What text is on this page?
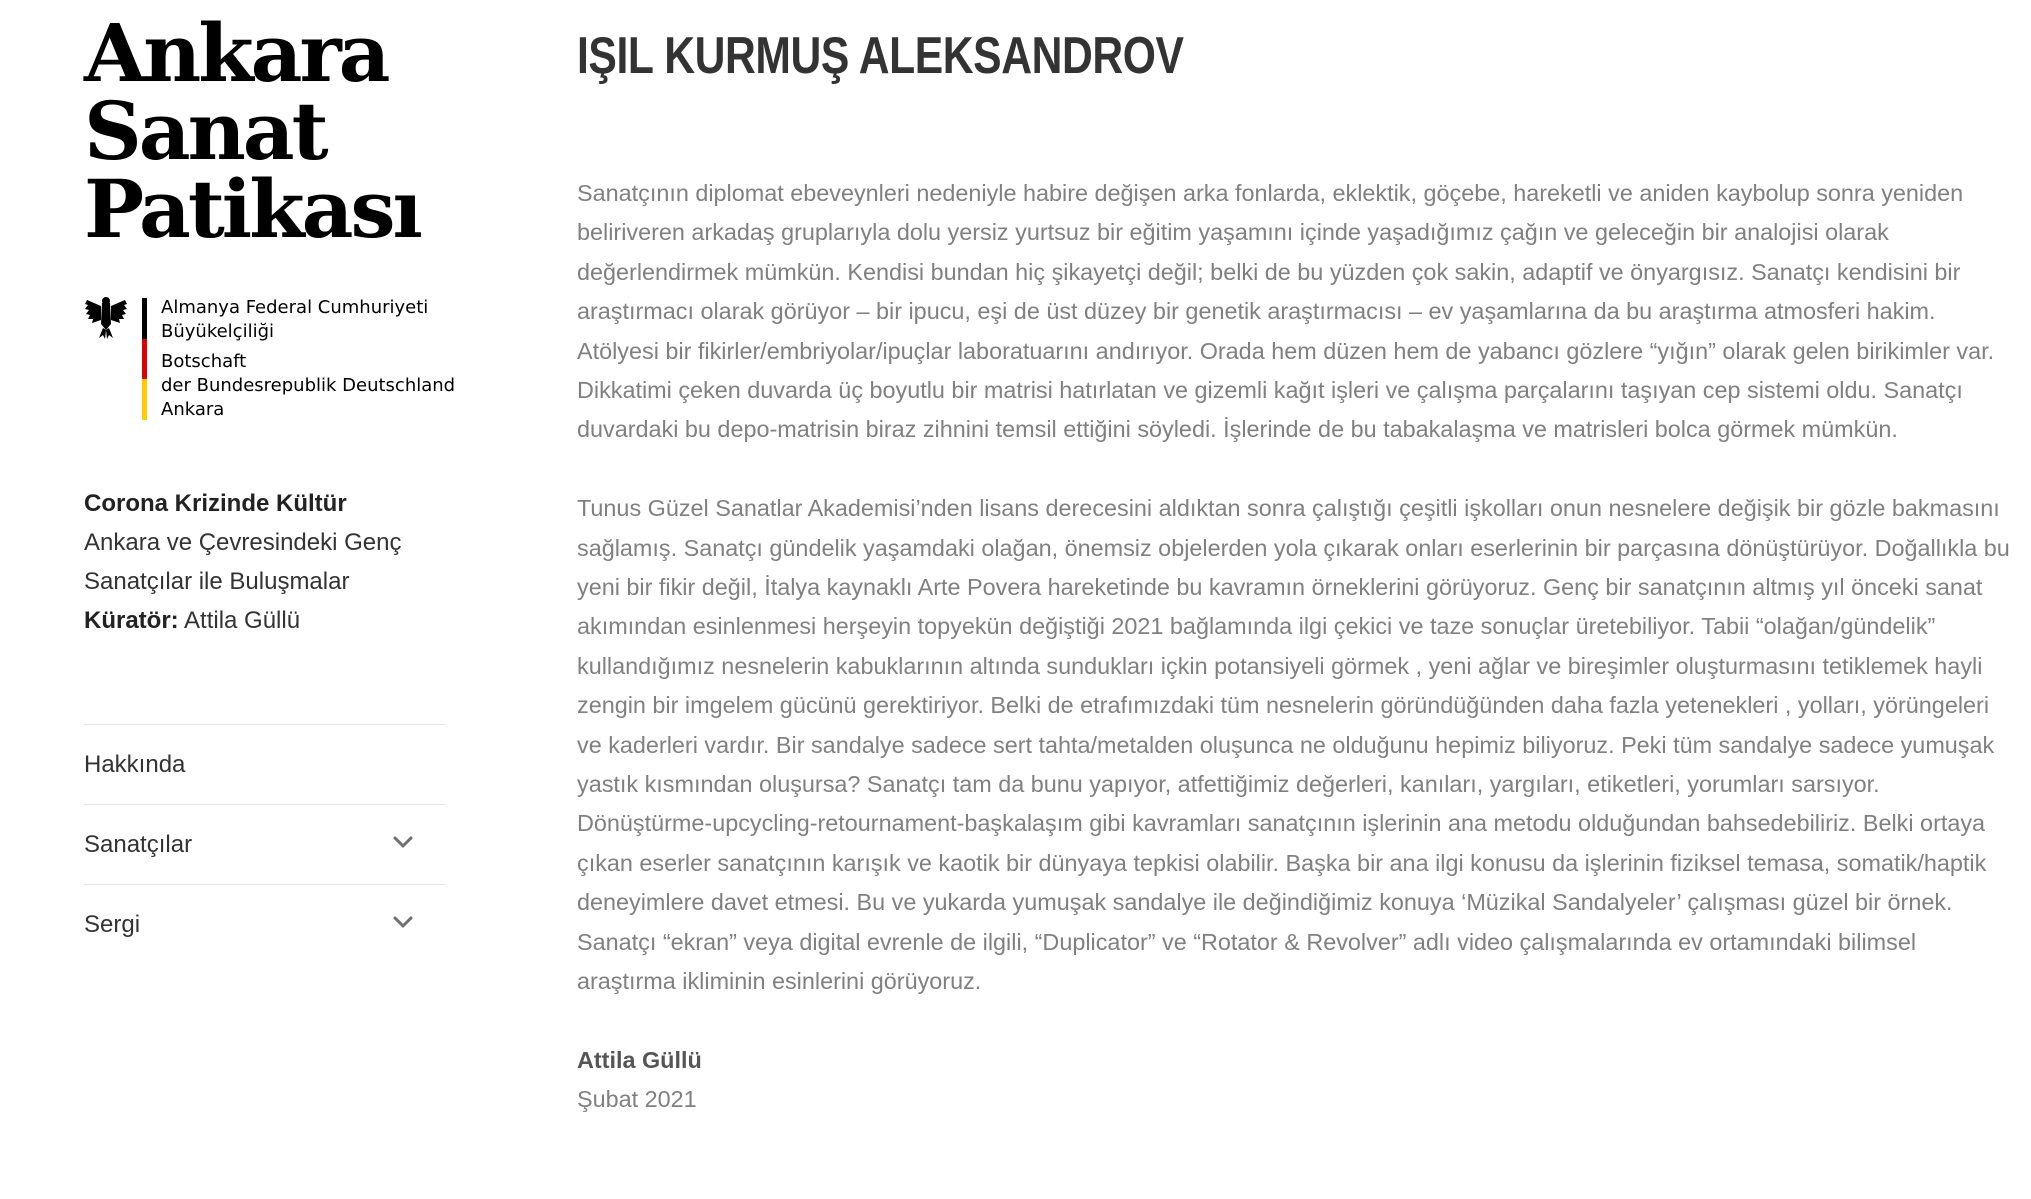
Ankara
Sanat
Patikası
Almanya Federal Cumhuriyeti
Büyükelçiliği
Botschaft
der Bundesrepublik Deutschland
Ankara
Corona Krizinde Kültür
Ankara ve Çevresindeki Genç
Sanatçılar ile Buluşmalar
Küratör: Attila Güllü
Hakkında
Sanatçılar
Sergi
IŞIL KURMUŞ ALEKSANDROV

Sanatçının diplomat ebeveynleri nedeniyle habire değişen arka fonlarda, eklektik, göçebe, hareketli ve aniden kaybolup sonra yeniden beliriveren arkadaş gruplarıyla dolu yersiz yurtsuz bir eğitim yaşamını içinde yaşadığımız çağın ve geleceğin bir analojisi olarak değerlendirmek mümkün. Kendisi bundan hiç şikayetçi değil; belki de bu yüzden çok sakin, adaptif ve önyargısız. Sanatçı kendisini bir araştırmacı olarak görüyor – bir ipucu, eşi de üst düzey bir genetik araştırmacısı – ev yaşamlarına da bu araştırma atmosferi hakim. Atölyesi bir fikirler/embriyolar/ipuçlar laboratuarını andırıyor. Orada hem düzen hem de yabancı gözlere “yığın” olarak gelen birikimler var. Dikkatimi çeken duvarda üç boyutlu bir matrisi hatırlatan ve gizemli kağıt işleri ve çalışma parçalarını taşıyan cep sistemi oldu. Sanatçı duvardaki bu depo-matrisin biraz zihnini temsil ettiğini söyledi. İşlerinde de bu tabakalaşma ve matrisleri bolca görmek mümkün.

Tunus Güzel Sanatlar Akademisi’nden lisans derecesini aldıktan sonra çalıştığı çeşitli işkolları onun nesnelere değişik bir gözle bakmasını sağlamış. Sanatçı gündelik yaşamdaki olağan, önemsiz objelerden yola çıkarak onları eserlerinin bir parçasına dönüştürüyor. Doğallıkla bu yeni bir fikir değil, İtalya kaynaklı Arte Povera hareketinde bu kavramın örneklerini görüyoruz. Genç bir sanatçının altmış yıl önceki sanat akımından esinlenmesi herşeyin topyekün değiştiği 2021 bağlamında ilgi çekici ve taze sonuçlar üretebiliyor. Tabii “olağan/gündelik” kullandığımız nesnelerin kabuklarının altında sundukları içkin potansiyeli görmek , yeni ağlar ve bireşimler oluşturmasını tetiklemek hayli zengin bir imgelem gücünü gerektiriyor. Belki de etrafımızdaki tüm nesnelerin göründüğünden daha fazla yetenekleri , yolları, yörüngeleri ve kaderleri vardır. Bir sandalye sadece sert tahta/metalden oluşunca ne olduğunu hepimiz biliyoruz. Peki tüm sandalye sadece yumuşak yastık kısmından oluşursa? Sanatçı tam da bunu yapıyor, atfettiğimiz değerleri, kanıları, yargıları, etiketleri, yorumları sarsıyor. Dönüştürme-upcycling-retournament-başkalaşım gibi kavramları sanatçının işlerinin ana metodu olduğundan bahsedebiliriz. Belki ortaya çıkan eserler sanatçının karışık ve kaotik bir dünyaya tepkisi olabilir. Başka bir ana ilgi konusu da işlerinin fiziksel temasa, somatik/haptik deneyimlere davet etmesi. Bu ve yukarda yumuşak sandalye ile değindiğimiz konuya ‘Müzikal Sandalyeler’ çalışması güzel bir örnek. Sanatçı “ekran” veya digital evrenle de ilgili, “Duplicator” ve “Rotator & Revolver” adlı video çalışmalarında ev ortamındaki bilimsel araştırma ikliminin esinlerini görüyoruz.

Attila Güllü
Şubat 2021
